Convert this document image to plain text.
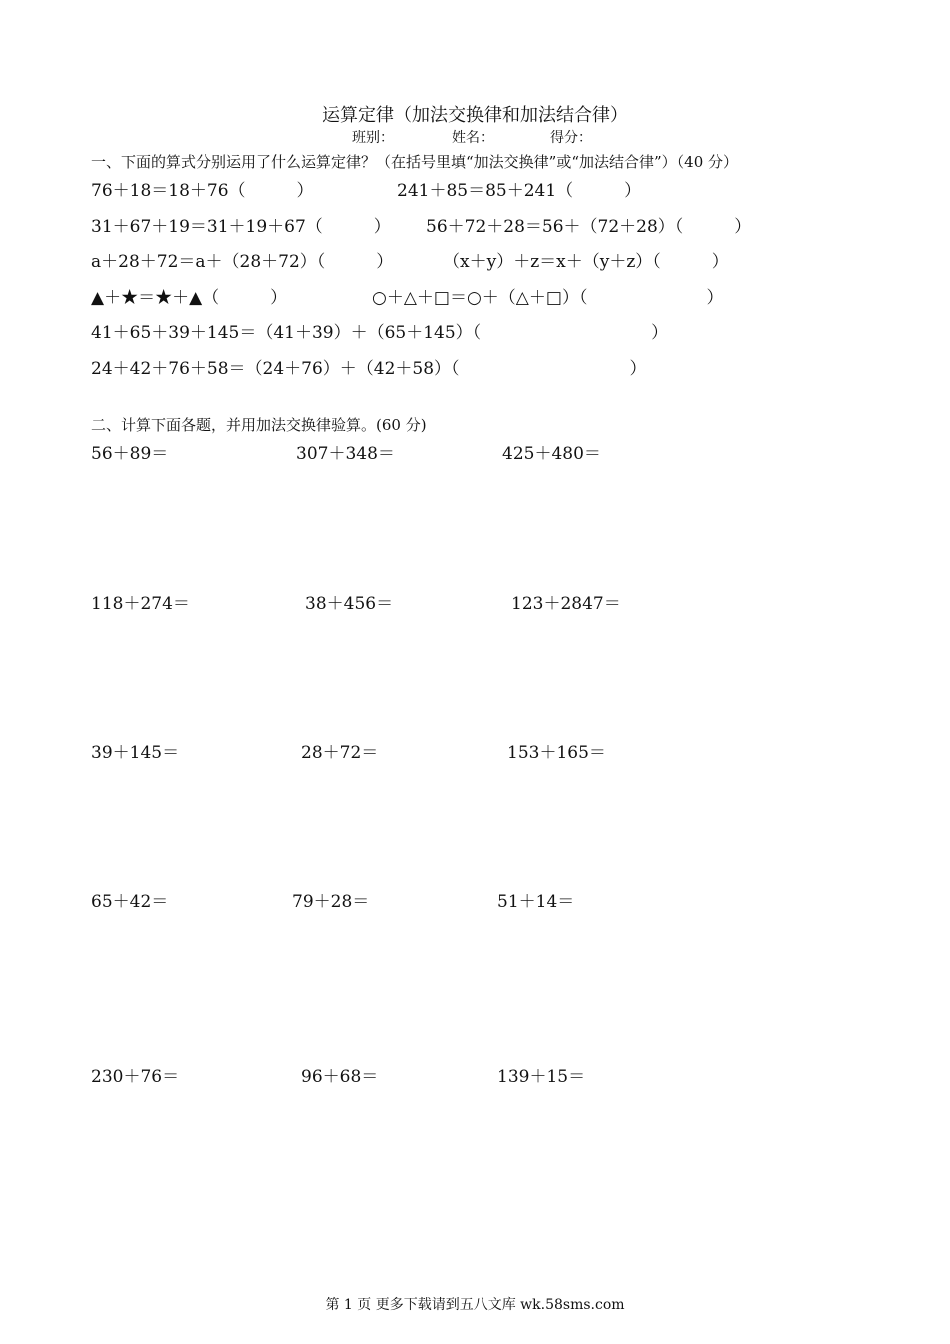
运算定律（加法交换律和加法结合律）
班别：	姓名：	得分：
一、下面的算式分别运用了什么运算定律？（在括号里填“加法交换律”或“加法结合律”）（40 分）
76＋18＝18＋76（　　　）	241＋85＝85＋241（　　　）
31＋67＋19＝31＋19＋67（　　　） 56＋72＋28＝56＋（72＋28）（　　　）
a＋28＋72＝a＋（28＋72）（　　　）	（x＋y）＋z＝x＋（y＋z）（　　　）
▲＋★＝★＋▲（　　　）	○＋△＋□＝○＋（△＋□）（　　　　　　　）
41＋65＋39＋145＝（41＋39）＋（65＋145）（　　　　　　　　　　）
24＋42＋76＋58＝（24＋76）＋（42＋58）（　　　　　　　　　　）
二、计算下面各题，并用加法交换律验算。(60 分)
56＋89＝	307＋348＝	425＋480＝
118＋274＝	38＋456＝	123＋2847＝
39＋145＝	28＋72＝	153＋165＝
65＋42＝	79＋28＝	51＋14＝
230＋76＝	96＋68＝	139＋15＝
第 1 页 更多下载请到五八文库 wk.58sms.com
